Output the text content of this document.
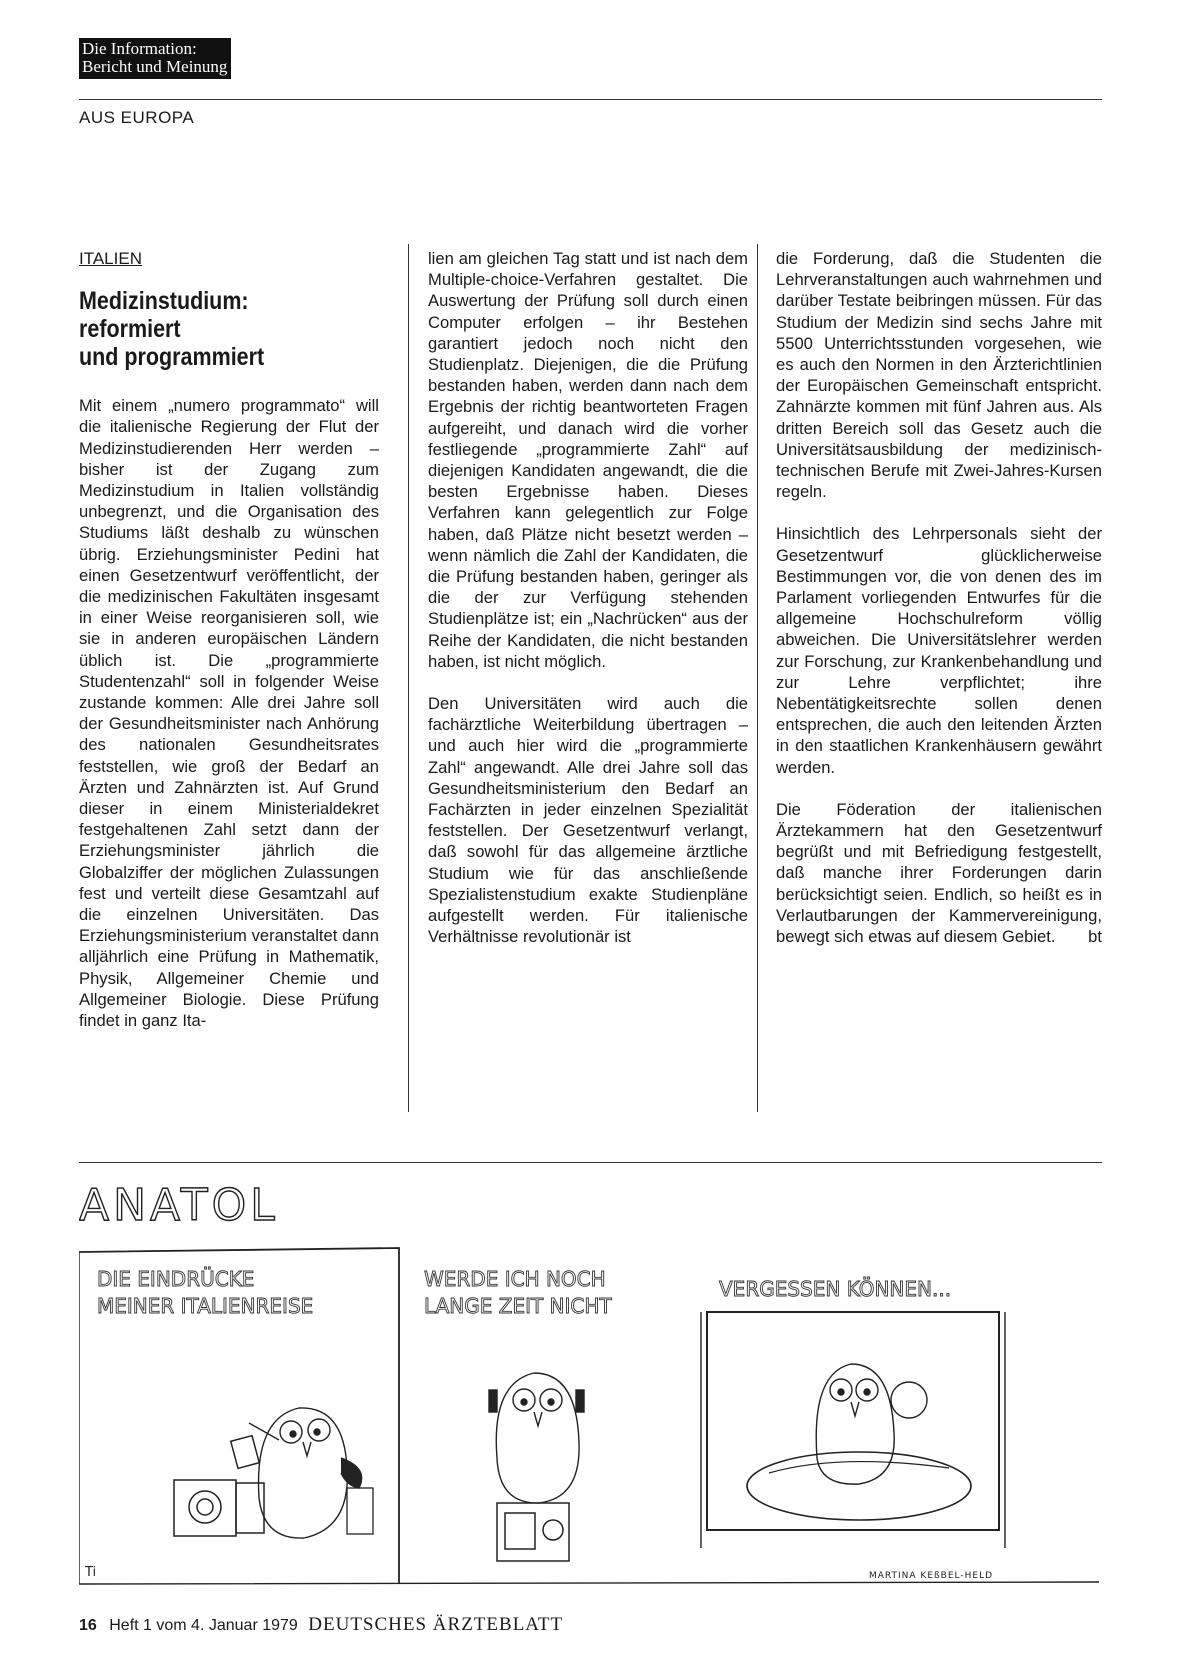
Die Information:
Bericht und Meinung
AUS EUROPA
ITALIEN
Medizinstudium:
reformiert
und programmiert

Mit einem „numero programmato“ will die italienische Regierung der Flut der Medizinstudierenden Herr werden – bisher ist der Zugang zum Medizinstudium in Italien vollständig unbegrenzt, und die Organisation des Studiums läßt deshalb zu wünschen übrig. Erziehungsminister Pedini hat einen Gesetzentwurf veröffentlicht, der die medizinischen Fakultäten insgesamt in einer Weise reorganisieren soll, wie sie in anderen europäischen Ländern üblich ist. Die „programmierte Studentenzahl“ soll in folgender Weise zustande kommen: Alle drei Jahre soll der Gesundheitsminister nach Anhörung des nationalen Gesundheitsrates feststellen, wie groß der Bedarf an Ärzten und Zahnärzten ist. Auf Grund dieser in einem Ministerialdekret festgehaltenen Zahl setzt dann der Erziehungsminister jährlich die Globalziffer der möglichen Zulassungen fest und verteilt diese Gesamtzahl auf die einzelnen Universitäten. Das Erziehungsministerium veranstaltet dann alljährlich eine Prüfung in Mathematik, Physik, Allgemeiner Chemie und Allgemeiner Biologie. Diese Prüfung findet in ganz Ita-

lien am gleichen Tag statt und ist nach dem Multiple-choice-Verfahren gestaltet. Die Auswertung der Prüfung soll durch einen Computer erfolgen – ihr Bestehen garantiert jedoch noch nicht den Studienplatz. Diejenigen, die die Prüfung bestanden haben, werden dann nach dem Ergebnis der richtig beantworteten Fragen aufgereiht, und danach wird die vorher festliegende „programmierte Zahl“ auf diejenigen Kandidaten angewandt, die die besten Ergebnisse haben. Dieses Verfahren kann gelegentlich zur Folge haben, daß Plätze nicht besetzt werden – wenn nämlich die Zahl der Kandidaten, die die Prüfung bestanden haben, geringer als die der zur Verfügung stehenden Studienplätze ist; ein „Nachrücken“ aus der Reihe der Kandidaten, die nicht bestanden haben, ist nicht möglich.

Den Universitäten wird auch die fachärztliche Weiterbildung übertragen – und auch hier wird die „programmierte Zahl“ angewandt. Alle drei Jahre soll das Gesundheitsministerium den Bedarf an Fachärzten in jeder einzelnen Spezialität feststellen. Der Gesetzentwurf verlangt, daß sowohl für das allgemeine ärztliche Studium wie für das anschließende Spezialistenstudium exakte Studienpläne aufgestellt werden. Für italienische Verhältnisse revolutionär ist

die Forderung, daß die Studenten die Lehrveranstaltungen auch wahrnehmen und darüber Testate beibringen müssen. Für das Studium der Medizin sind sechs Jahre mit 5500 Unterrichtsstunden vorgesehen, wie es auch den Normen in den Ärzterichtlinien der Europäischen Gemeinschaft entspricht. Zahnärzte kommen mit fünf Jahren aus. Als dritten Bereich soll das Gesetz auch die Universitätsausbildung der medizinisch-technischen Berufe mit Zwei-Jahres-Kursen regeln.

Hinsichtlich des Lehrpersonals sieht der Gesetzentwurf glücklicherweise Bestimmungen vor, die von denen des im Parlament vorliegenden Entwurfes für die allgemeine Hochschulreform völlig abweichen. Die Universitätslehrer werden zur Forschung, zur Krankenbehandlung und zur Lehre verpflichtet; ihre Nebentätigkeitsrechte sollen denen entsprechen, die auch den leitenden Ärzten in den staatlichen Krankenhäusern gewährt werden.

Die Föderation der italienischen Ärztekammern hat den Gesetzentwurf begrüßt und mit Befriedigung festgestellt, daß manche ihrer Forderungen darin berücksichtigt seien. Endlich, so heißt es in Verlautbarungen der Kammervereinigung, bewegt sich etwas auf diesem Gebiet. bt

ANATOL
DIE EINDRÜCKE
MEINER ITALIENREISE
Ti
WERDE ICH NOCH
LANGE ZEIT NICHT
VERGESSEN KÖNNEN...
MARTINA KEßBEL-HELD
16 Heft 1 vom 4. Januar 1979 DEUTSCHES ÄRZTEBLATT
